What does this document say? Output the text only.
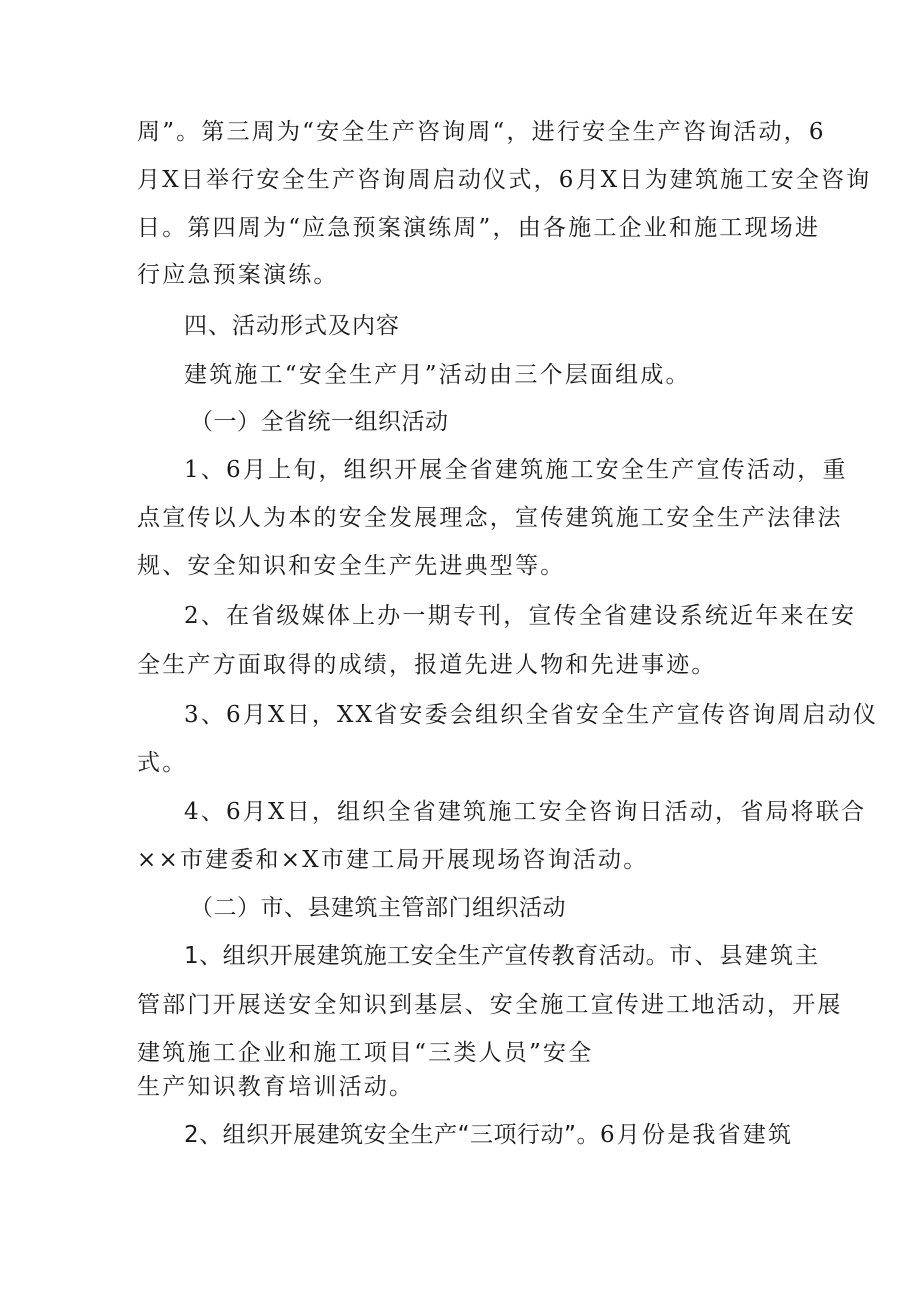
周”。第三周为“安全生产咨询周“，进行安全生产咨询活动，6
月X日举行安全生产咨询周启动仪式，6月X日为建筑施工安全咨询
日。第四周为“应急预案演练周”，由各施工企业和施工现场进
行应急预案演练。
四、活动形式及内容
建筑施工“安全生产月”活动由三个层面组成。
（一）全省统一组织活动
1、6月上旬，组织开展全省建筑施工安全生产宣传活动，重
点宣传以人为本的安全发展理念，宣传建筑施工安全生产法律法
规、安全知识和安全生产先进典型等。
2、在省级媒体上办一期专刊，宣传全省建设系统近年来在安
全生产方面取得的成绩，报道先进人物和先进事迹。
3、6月X日，XX省安委会组织全省安全生产宣传咨询周启动仪
式。
4、6月X日，组织全省建筑施工安全咨询日活动，省局将联合
××市建委和×X市建工局开展现场咨询活动。
（二）市、县建筑主管部门组织活动
1、组织开展建筑施工安全生产宣传教育活动。市、县建筑主
管部门开展送安全知识到基层、安全施工宣传进工地活动，开展
建筑施工企业和施工项目“三类人员”安全
生产知识教育培训活动。
2、组织开展建筑安全生产“三项行动”。6月份是我省建筑
